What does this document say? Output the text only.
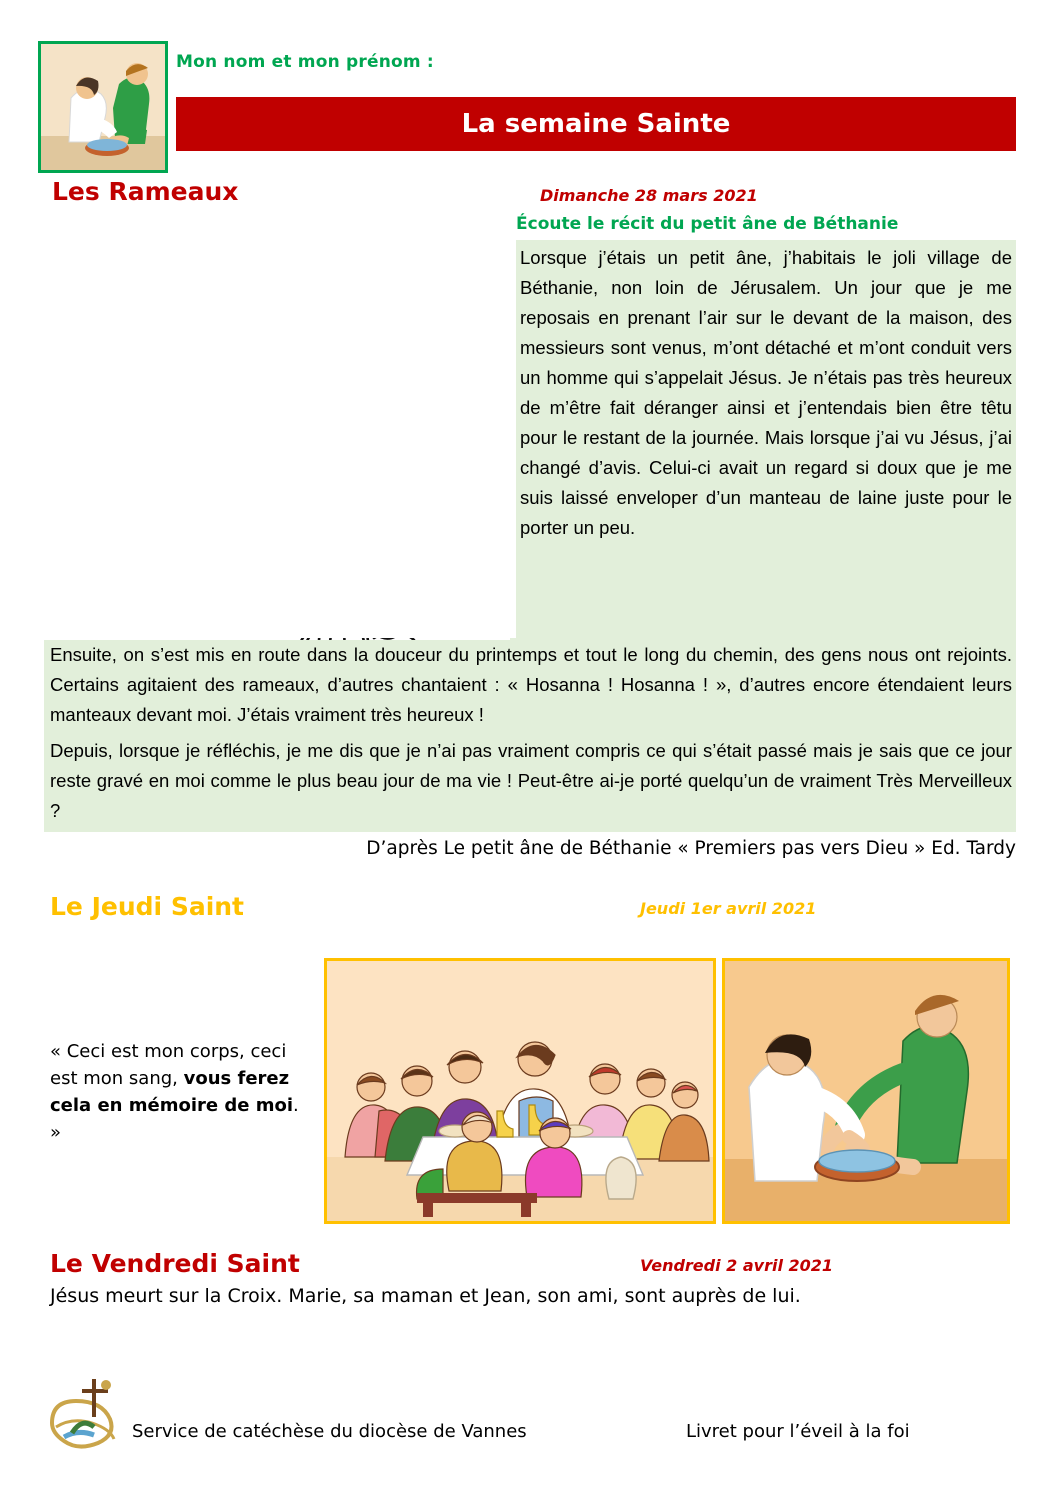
Mon nom et mon prénom :
La semaine Sainte
Les Rameaux	Dimanche 28 mars 2021
Écoute le récit du petit âne de Béthanie

Lorsque j’étais un petit âne, j’habitais le joli village de Béthanie, non loin de Jérusalem. Un jour que je me reposais en prenant l’air sur le devant de la maison, des messieurs sont venus, m’ont détaché et m’ont conduit vers un homme qui s’appelait Jésus. Je n’étais pas très heureux de m’être fait déranger ainsi et j’entendais bien être têtu pour le restant de la journée. Mais lorsque j’ai vu Jésus, j’ai changé d’avis. Celui-ci avait un regard si doux que je me suis laissé enveloper d’un manteau de laine juste pour le porter un peu.

Ensuite, on s’est mis en route dans la douceur du printemps et tout le long du chemin, des gens nous ont rejoints. Certains agitaient des rameaux, d’autres chantaient : « Hosanna ! Hosanna ! », d’autres encore étendaient leurs manteaux devant moi. J’étais vraiment très heureux !

Depuis, lorsque je réfléchis, je me dis que je n’ai pas vraiment compris ce qui s’était passé mais je sais que ce jour reste gravé en moi comme le plus beau jour de ma vie ! Peut-être ai-je porté quelqu’un de vraiment Très Merveilleux ?

D’après Le petit âne de Béthanie « Premiers pas vers Dieu » Ed. Tardy
Le Jeudi Saint	Jeudi 1er avril 2021
« Ceci est mon corps, ceci est mon sang, vous ferez cela en mémoire de moi. »
Le Vendredi Saint	Vendredi 2 avril 2021
Jésus meurt sur la Croix. Marie, sa maman et Jean, son ami, sont auprès de lui.
Service de catéchèse du diocèse de Vannes	Livret pour l’éveil à la foi
